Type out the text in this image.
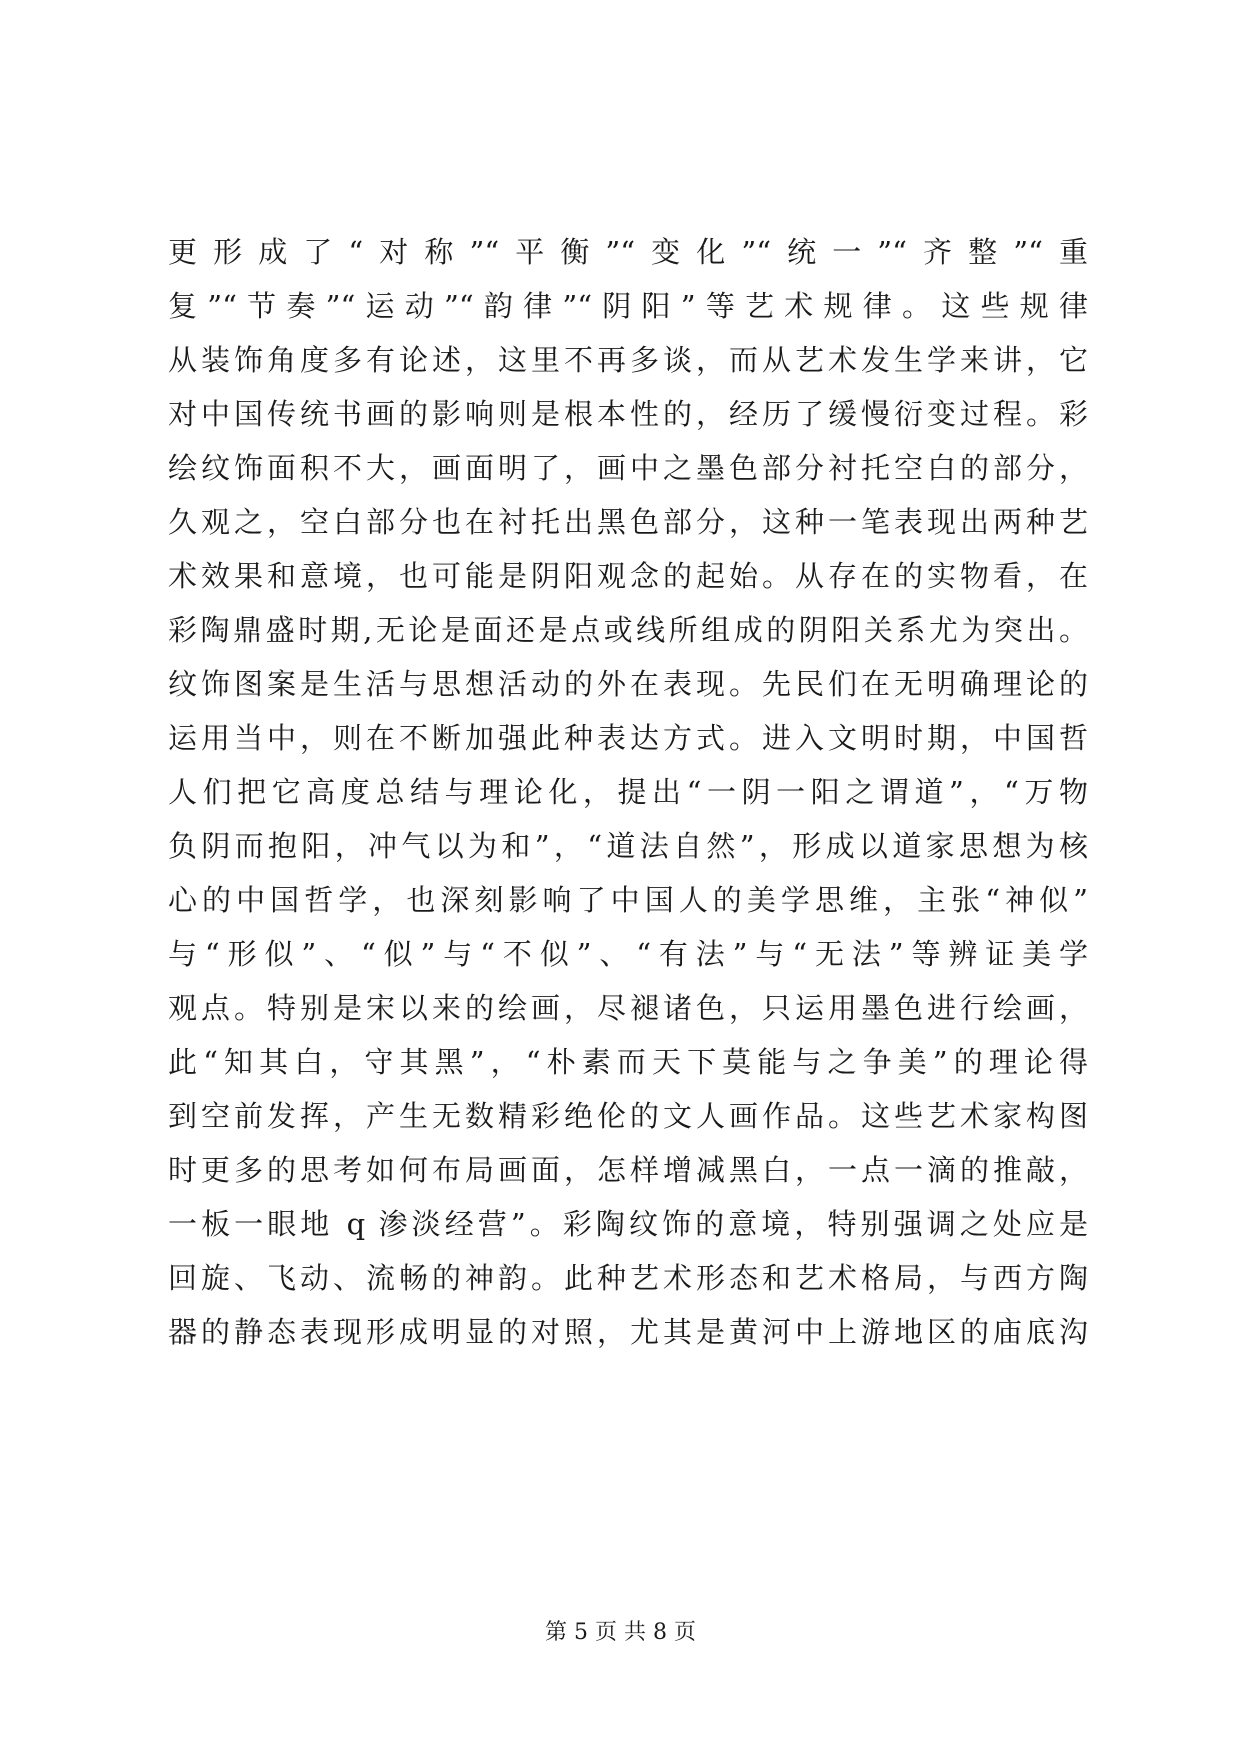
更形成了“对称”“平衡”“变化”“统一”“齐整”“重
复”“节奏”“运动”“韵律”“阴阳”等艺术规律。这些规律
从装饰角度多有论述，这里不再多谈，而从艺术发生学来讲，它
对中国传统书画的影响则是根本性的，经历了缓慢衍变过程。彩
绘纹饰面积不大，画面明了，画中之墨色部分衬托空白的部分，
久观之，空白部分也在衬托出黑色部分，这种一笔表现出两种艺
术效果和意境，也可能是阴阳观念的起始。从存在的实物看，在
彩陶鼎盛时期,无论是面还是点或线所组成的阴阳关系尤为突出。
纹饰图案是生活与思想活动的外在表现。先民们在无明确理论的
运用当中，则在不断加强此种表达方式。进入文明时期，中国哲
人们把它高度总结与理论化，提出“一阴一阳之谓道”，“万物
负阴而抱阳，冲气以为和”，“道法自然”，形成以道家思想为核
心的中国哲学，也深刻影响了中国人的美学思维，主张“神似”
与“形似”、“似”与“不似”、“有法”与“无法”等辨证美学
观点。特别是宋以来的绘画，尽褪诸色，只运用墨色进行绘画，
此“知其白，守其黑”，“朴素而天下莫能与之争美”的理论得
到空前发挥，产生无数精彩绝伦的文人画作品。这些艺术家构图
时更多的思考如何布局画面，怎样增减黑白，一点一滴的推敲，
一板一眼地 q 渗淡经营”。彩陶纹饰的意境，特别强调之处应是
回旋、飞动、流畅的神韵。此种艺术形态和艺术格局，与西方陶
器的静态表现形成明显的对照，尤其是黄河中上游地区的庙底沟
第 5 页 共 8 页
